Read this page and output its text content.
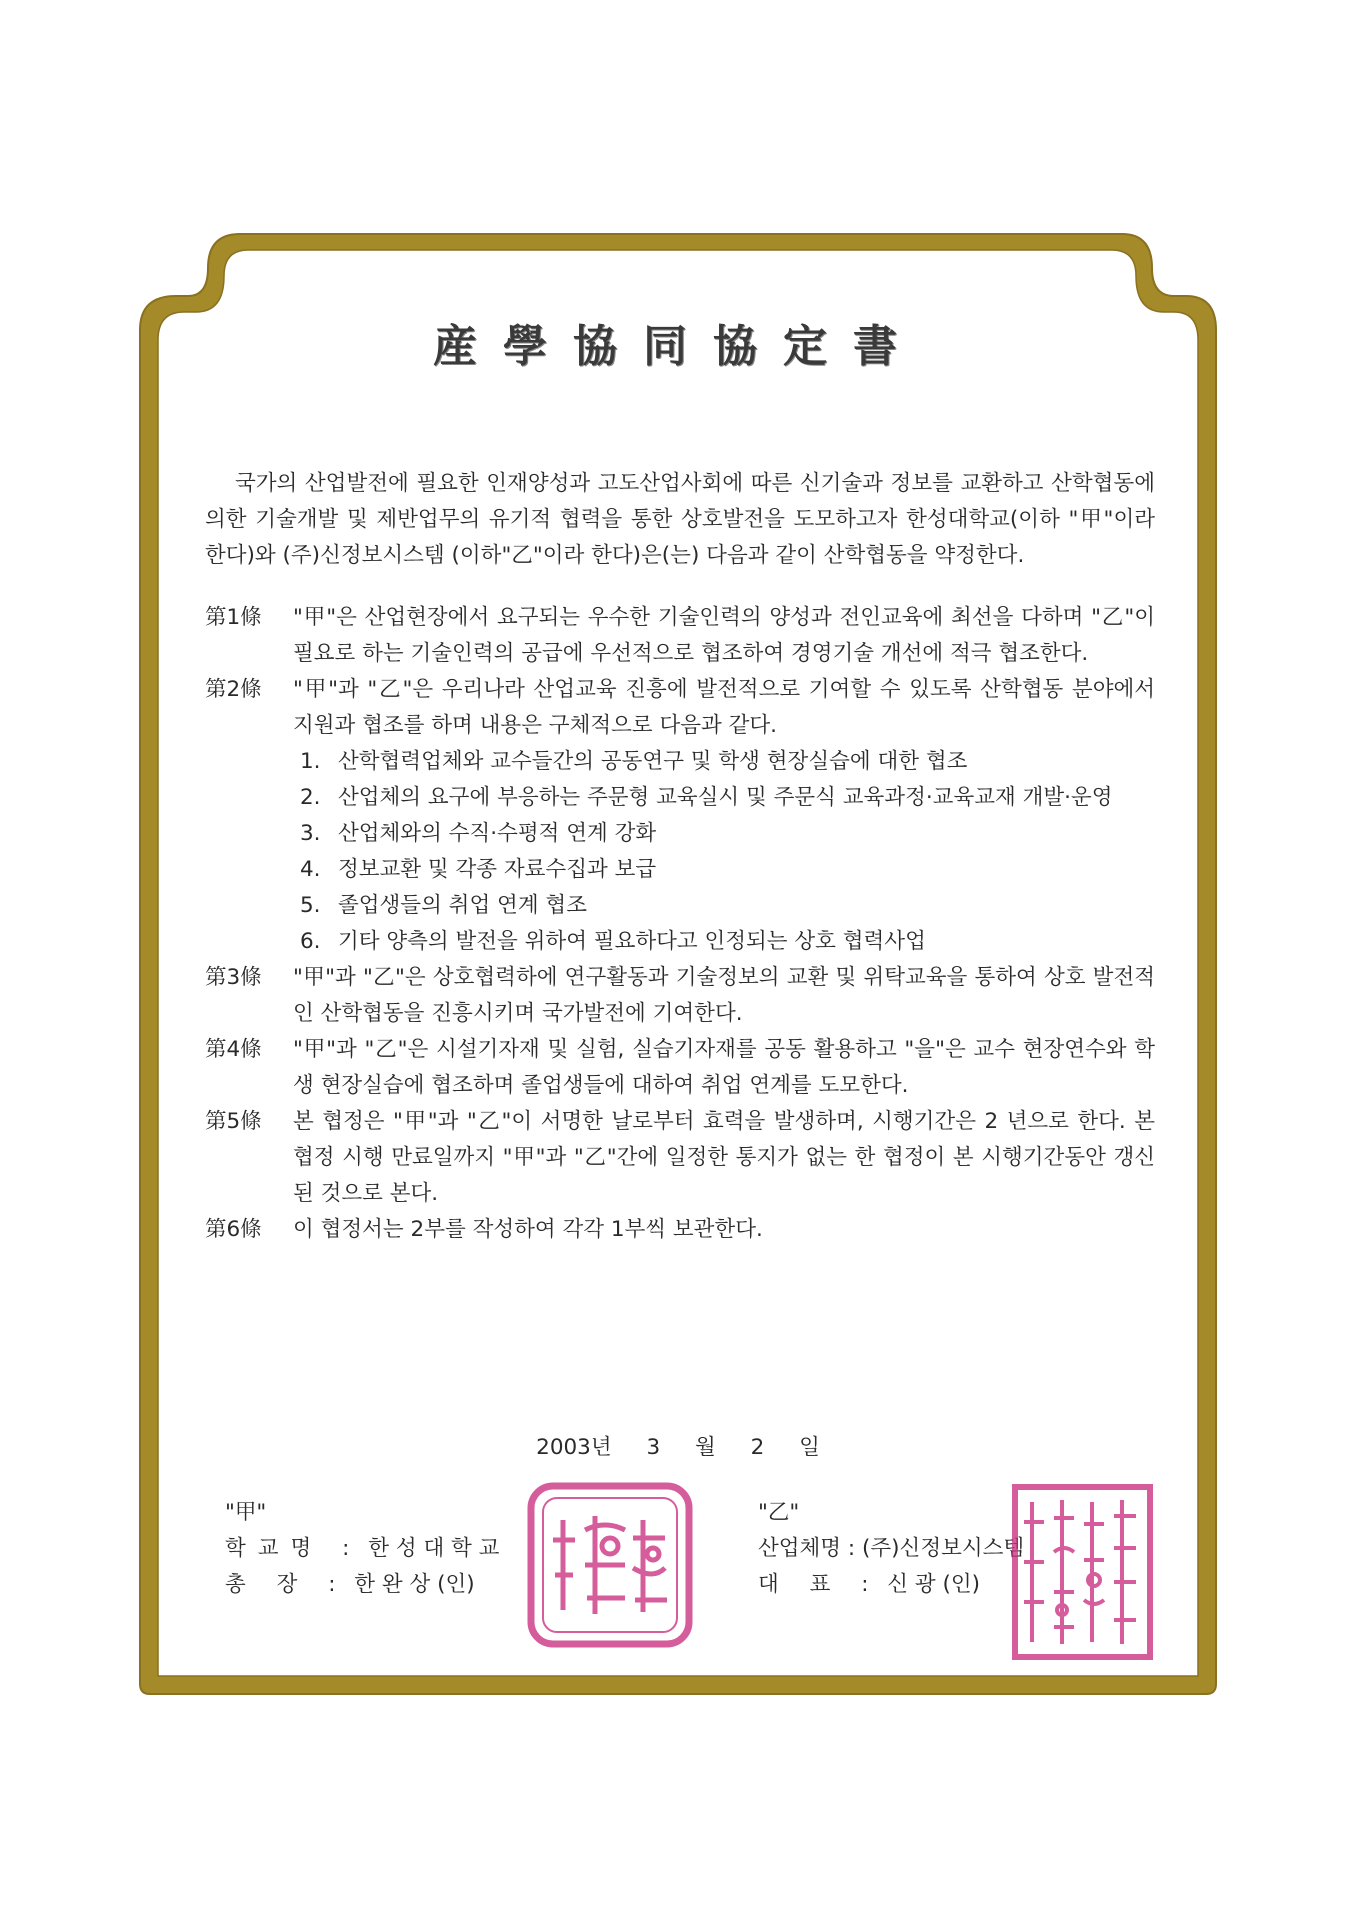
産學協同協定書

국가의 산업발전에 필요한 인재양성과 고도산업사회에 따른 신기술과 정보를 교환하고 산학협동에 의한 기술개발 및 제반업무의 유기적 협력을 통한 상호발전을 도모하고자 한성대학교(이하 "甲"이라 한다)와 (주)신정보시스템 (이하"乙"이라 한다)은(는) 다음과 같이 산학협동을 약정한다.

第1條	"甲"은 산업현장에서 요구되는 우수한 기술인력의 양성과 전인교육에 최선을 다하며 "乙"이 필요로 하는 기술인력의 공급에 우선적으로 협조하여 경영기술 개선에 적극 협조한다.
第2條	"甲"과 "乙"은 우리나라 산업교육 진흥에 발전적으로 기여할 수 있도록 산학협동 분야에서 지원과 협조를 하며 내용은 구체적으로 다음과 같다.
1. 산학협력업체와 교수들간의 공동연구 및 학생 현장실습에 대한 협조
2. 산업체의 요구에 부응하는 주문형 교육실시 및 주문식 교육과정·교육교재 개발·운영
3. 산업체와의 수직·수평적 연계 강화
4. 정보교환 및 각종 자료수집과 보급
5. 졸업생들의 취업 연계 협조
6. 기타 양측의 발전을 위하여 필요하다고 인정되는 상호 협력사업
第3條	"甲"과 "乙"은 상호협력하에 연구활동과 기술정보의 교환 및 위탁교육을 통하여 상호 발전적인 산학협동을 진흥시키며 국가발전에 기여한다.
第4條	"甲"과 "乙"은 시설기자재 및 실험, 실습기자재를 공동 활용하고 "을"은 교수 현장연수와 학생 현장실습에 협조하며 졸업생들에 대하여 취업 연계를 도모한다.
第5條	본 협정은 "甲"과 "乙"이 서명한 날로부터 효력을 발생하며, 시행기간은 2 년으로 한다. 본 협정 시행 만료일까지 "甲"과 "乙"간에 일정한 통지가 없는 한 협정이 본 시행기간동안 갱신된 것으로 본다.
第6條	이 협정서는 2부를 작성하여 각각 1부씩 보관한다.
2003년 3 월 2 일
"甲"
학교명 : 한 성 대 학 교
총 장 : 한 완 상 (인)
"乙"
산업체명 : (주)신정보시스템
대 표 : 신 광 (인)
